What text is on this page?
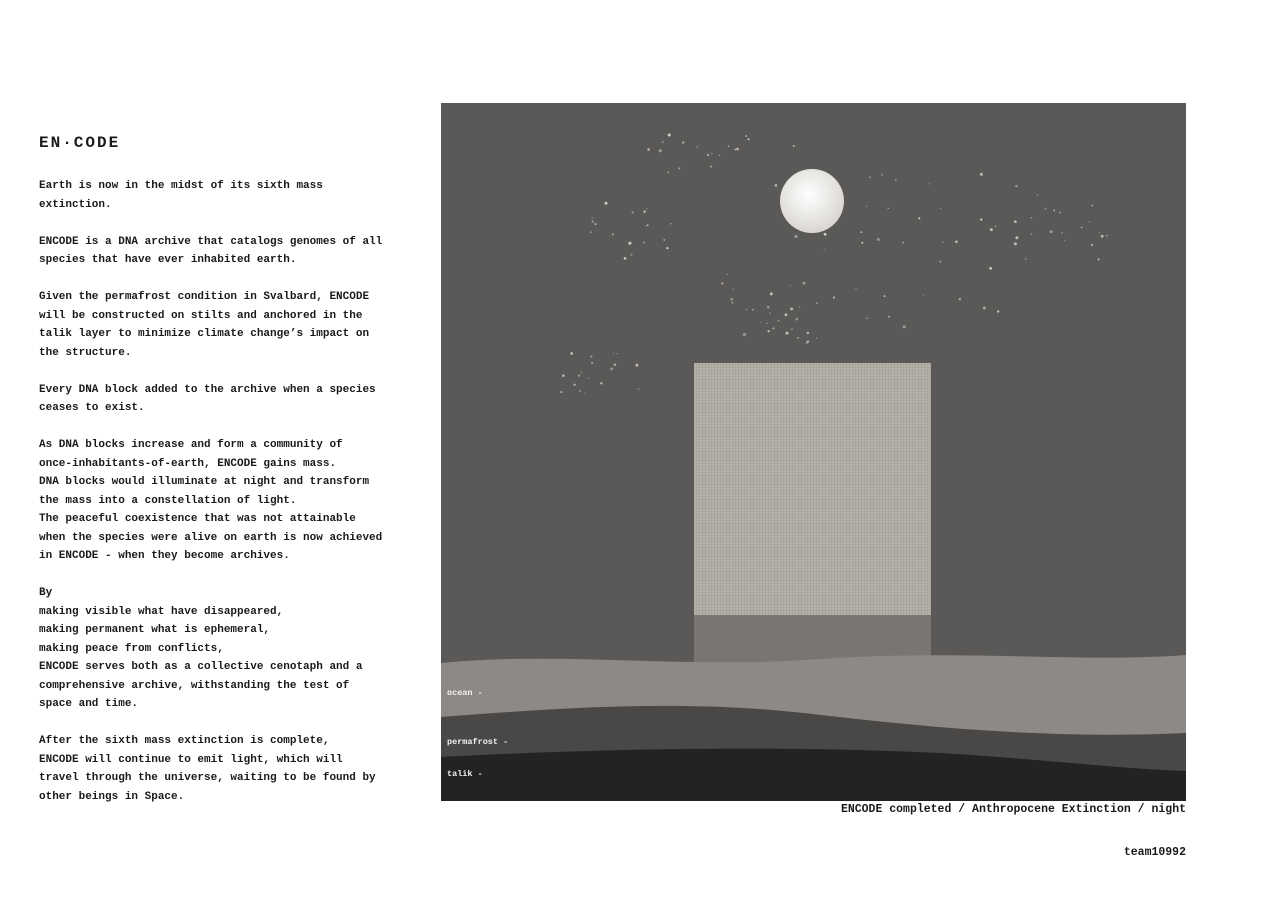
EN·CODE

Earth is now in the midst of its sixth mass
extinction.

ENCODE is a DNA archive that catalogs genomes of all
species that have ever inhabited earth.

Given the permafrost condition in Svalbard, ENCODE
will be constructed on stilts and anchored in the
talik layer to minimize climate change’s impact on
the structure.

Every DNA block added to the archive when a species
ceases to exist.

As DNA blocks increase and form a community of
once-inhabitants-of-earth, ENCODE gains mass.
DNA blocks would illuminate at night and transform
the mass into a constellation of light.
The peaceful coexistence that was not attainable
when the species were alive on earth is now achieved
in ENCODE - when they become archives.

By
making visible what have disappeared,
making permanent what is ephemeral,
making peace from conflicts,
ENCODE serves both as a collective cenotaph and a
comprehensive archive, withstanding the test of
space and time.

After the sixth mass extinction is complete,
ENCODE will continue to emit light, which will
travel through the universe, waiting to be found by
other beings in Space.

ocean -
permafrost -
talik -
ENCODE completed / Anthropocene Extinction / night
team10992
